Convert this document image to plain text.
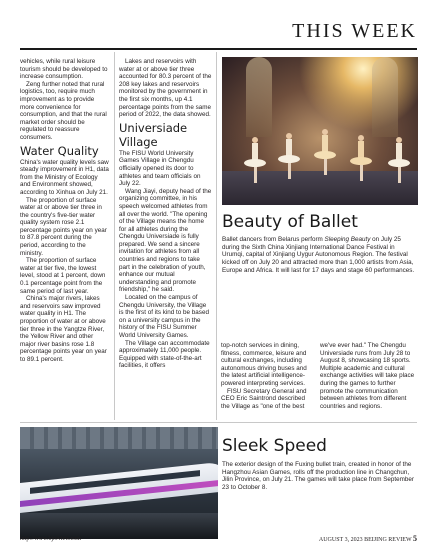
THIS WEEK

vehicles, while rural leisure tourism should be developed to increase consumption.

Zeng further noted that rural logistics, too, require much improvement as to provide more convenience for consumption, and that the rural market order should be regulated to reassure consumers.

Water Quality

China's water quality levels saw steady improvement in H1, data from the Ministry of Ecology and Environment showed, according to Xinhua on July 21.

The proportion of surface water at or above tier three in the country's five-tier water quality system rose 2.1 percentage points year on year to 87.8 percent during the period, according to the ministry.

The proportion of surface water at tier five, the lowest level, stood at 1 percent, down 0.1 percentage point from the same period of last year.

China's major rivers, lakes and reservoirs saw improved water quality in H1. The proportion of water at or above tier three in the Yangtze River, the Yellow River and other major river basins rose 1.8 percentage points year on year to 89.1 percent.

Lakes and reservoirs with water at or above tier three accounted for 80.3 percent of the 208 key lakes and reservoirs monitored by the government in the first six months, up 4.1 percentage points from the same period of 2022, the data showed.

Universiade Village

The FISU World University Games Village in Chengdu officially opened its door to athletes and team officials on July 22.

Wang Jiayi, deputy head of the organizing committee, in his speech welcomed athletes from all over the world. "The opening of the Village means the home for all athletes during the Chengdu Universiade is fully prepared. We send a sincere invitation for athletes from all countries and regions to take part in the celebration of youth, enhance our mutual understanding and promote friendship," he said.

Located on the campus of Chengdu University, the Village is the first of its kind to be based on a university campus in the history of the FISU Summer World University Games.

The Village can accommodate approximately 11,000 people. Equipped with state-of-the-art facilities, it offers

Beauty of Ballet
Ballet dancers from Belarus perform Sleeping Beauty on July 25 during the Sixth China Xinjiang International Dance Festival in Urumqi, capital of Xinjiang Uygur Autonomous Region. The festival kicked off on July 20 and attracted more than 1,000 artists from Asia, Europe and Africa. It will last for 17 days and stage 60 performances.

top-notch services in dining, fitness, commerce, leisure and cultural exchanges, including autonomous driving buses and the latest artificial intelligence-powered interpreting services.

FISU Secretary General and CEO Eric Saintrond described the Village as "one of the best

we've ever had." The Chengdu Universiade runs from July 28 to August 8, showcasing 18 sports. Multiple academic and cultural exchange activities will take place during the games to further promote the communication between athletes from different countries and regions.

Sleek Speed
The exterior design of the Fuxing bullet train, created in honor of the Hangzhou Asian Games, rolls off the production line in Changchun, Jilin Province, on July 21. The games will take place from September 23 to October 8.
http://www.bjreview.com	AUGUST 3, 2023 BEIJING REVIEW 5
